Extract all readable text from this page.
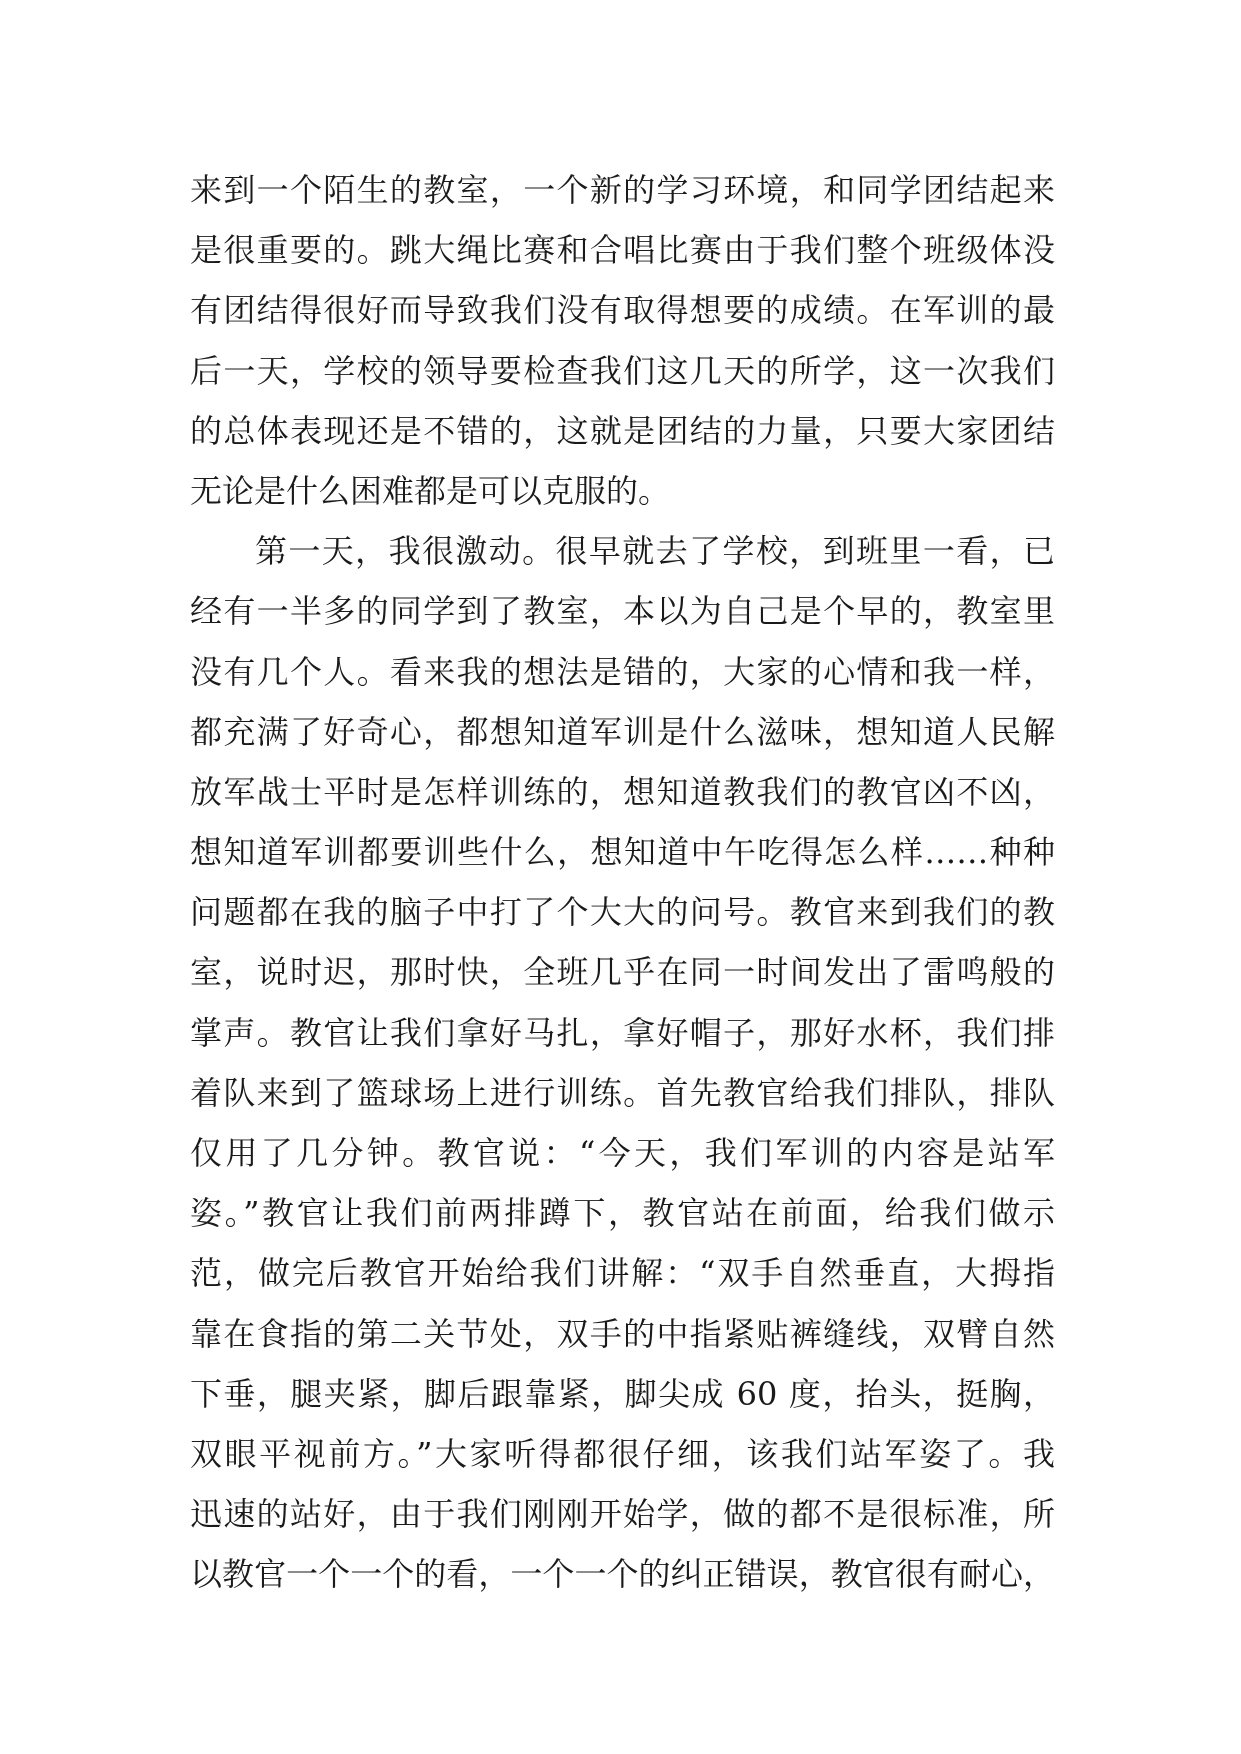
来到一个陌生的教室，一个新的学习环境，和同学团结起来
是很重要的。跳大绳比赛和合唱比赛由于我们整个班级体没
有团结得很好而导致我们没有取得想要的成绩。在军训的最
后一天，学校的领导要检查我们这几天的所学，这一次我们
的总体表现还是不错的，这就是团结的力量，只要大家团结
无论是什么困难都是可以克服的。
第一天，我很激动。很早就去了学校，到班里一看，已
经有一半多的同学到了教室，本以为自己是个早的，教室里
没有几个人。看来我的想法是错的，大家的心情和我一样，
都充满了好奇心，都想知道军训是什么滋味，想知道人民解
放军战士平时是怎样训练的，想知道教我们的教官凶不凶，
想知道军训都要训些什么，想知道中午吃得怎么样……种种
问题都在我的脑子中打了个大大的问号。教官来到我们的教
室，说时迟，那时快，全班几乎在同一时间发出了雷鸣般的
掌声。教官让我们拿好马扎，拿好帽子，那好水杯，我们排
着队来到了篮球场上进行训练。首先教官给我们排队，排队
仅用了几分钟。教官说：“今天，我们军训的内容是站军
姿。”教官让我们前两排蹲下，教官站在前面，给我们做示
范，做完后教官开始给我们讲解：“双手自然垂直，大拇指
靠在食指的第二关节处，双手的中指紧贴裤缝线，双臂自然
下垂，腿夹紧，脚后跟靠紧，脚尖成 60 度，抬头，挺胸，
双眼平视前方。”大家听得都很仔细，该我们站军姿了。我
迅速的站好，由于我们刚刚开始学，做的都不是很标准，所
以教官一个一个的看，一个一个的纠正错误，教官很有耐心，
